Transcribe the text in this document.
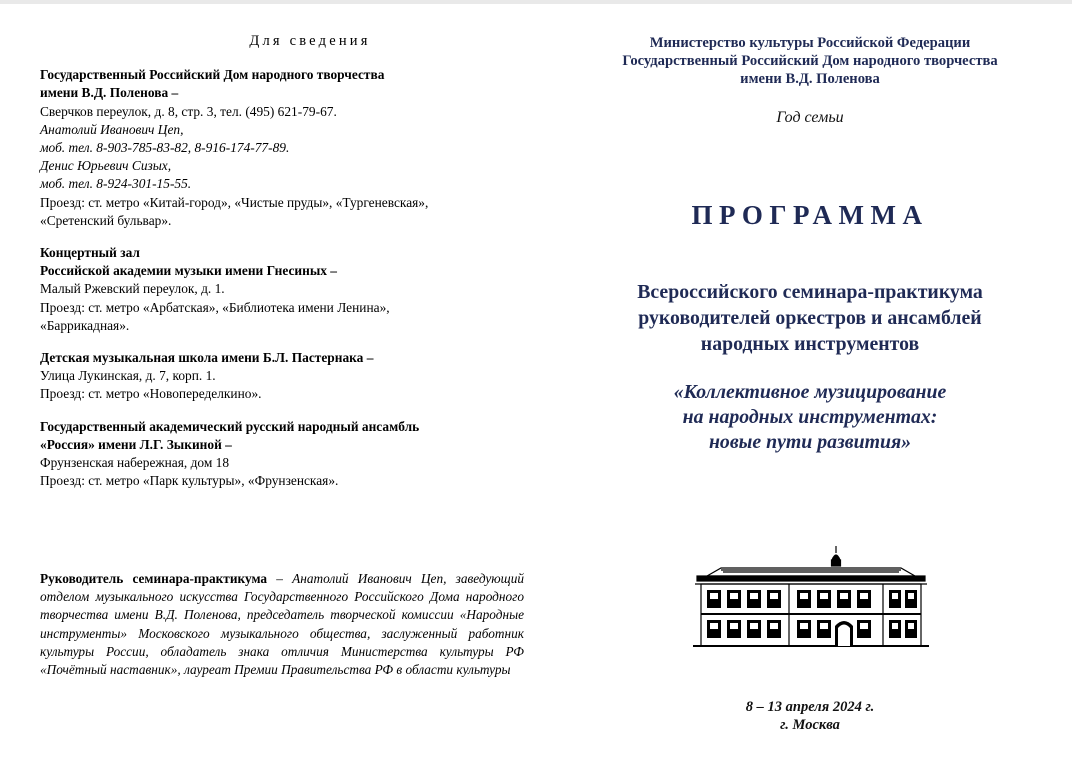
Для сведения
Государственный Российский Дом народного творчества
имени В.Д. Поленова –
Сверчков переулок, д. 8, стр. 3, тел. (495) 621-79-67.
Анатолий Иванович Цеп,
моб. тел. 8-903-785-83-82, 8-916-174-77-89.
Денис Юрьевич Сизых,
моб. тел. 8-924-301-15-55.
Проезд: ст. метро «Китай-город», «Чистые пруды», «Тургеневская»,
«Сретенский бульвар».
Концертный зал
Российской академии музыки имени Гнесиных –
Малый Ржевский переулок, д. 1.
Проезд: ст. метро «Арбатская», «Библиотека имени Ленина»,
«Баррикадная».
Детская музыкальная школа имени Б.Л. Пастернака –
Улица Лукинская, д. 7, корп. 1.
Проезд: ст. метро «Новопеределкино».
Государственный академический русский народный ансамбль
«Россия» имени Л.Г. Зыкиной –
Фрунзенская набережная, дом 18
Проезд: ст. метро «Парк культуры», «Фрунзенская».
Руководитель семинара-практикума – Анатолий Иванович Цеп, заведующий отделом музыкального искусства Государственного Российского Дома народного творчества имени В.Д. Поленова, председатель творческой комиссии «Народные инструменты» Московского музыкального общества, заслуженный работник культуры России, обладатель знака отличия Министерства культуры РФ «Почётный наставник», лауреат Премии Правительства РФ в области культуры
Министерство культуры Российской Федерации
Государственный Российский Дом народного творчества
имени В.Д. Поленова
Год семьи
ПРОГРАММА
Всероссийского семинара-практикума
руководителей оркестров и ансамблей
народных инструментов
«Коллективное музицирование
на народных инструментах:
новые пути развития»
8 – 13 апреля 2024 г.
г. Москва
